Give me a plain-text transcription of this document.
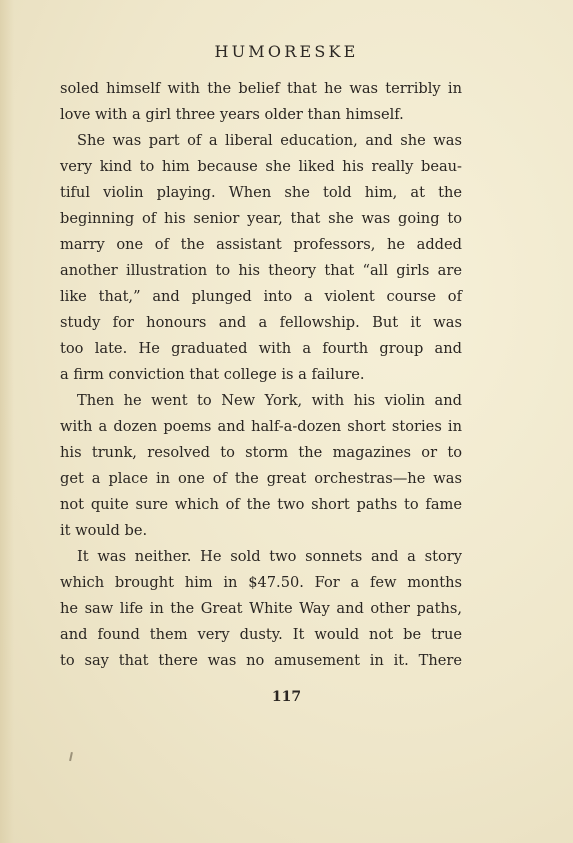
HUMORESKE
soled himself with the belief that he was terribly in
love with a girl three years older than himself.
She was part of a liberal education, and she was
very kind to him because she liked his really beau-
tiful violin playing. When she told him, at the
beginning of his senior year, that she was going to
marry one of the assistant professors, he added
another illustration to his theory that “all girls are
like that,” and plunged into a violent course of
study for honours and a fellowship. But it was
too late. He graduated with a fourth group and
a firm conviction that college is a failure.
Then he went to New York, with his violin and
with a dozen poems and half-a-dozen short stories in
his trunk, resolved to storm the magazines or to
get a place in one of the great orchestras—he was
not quite sure which of the two short paths to fame
it would be.
It was neither. He sold two sonnets and a story
which brought him in $47.50. For a few months
he saw life in the Great White Way and other paths,
and found them very dusty. It would not be true
to say that there was no amusement in it. There
117
